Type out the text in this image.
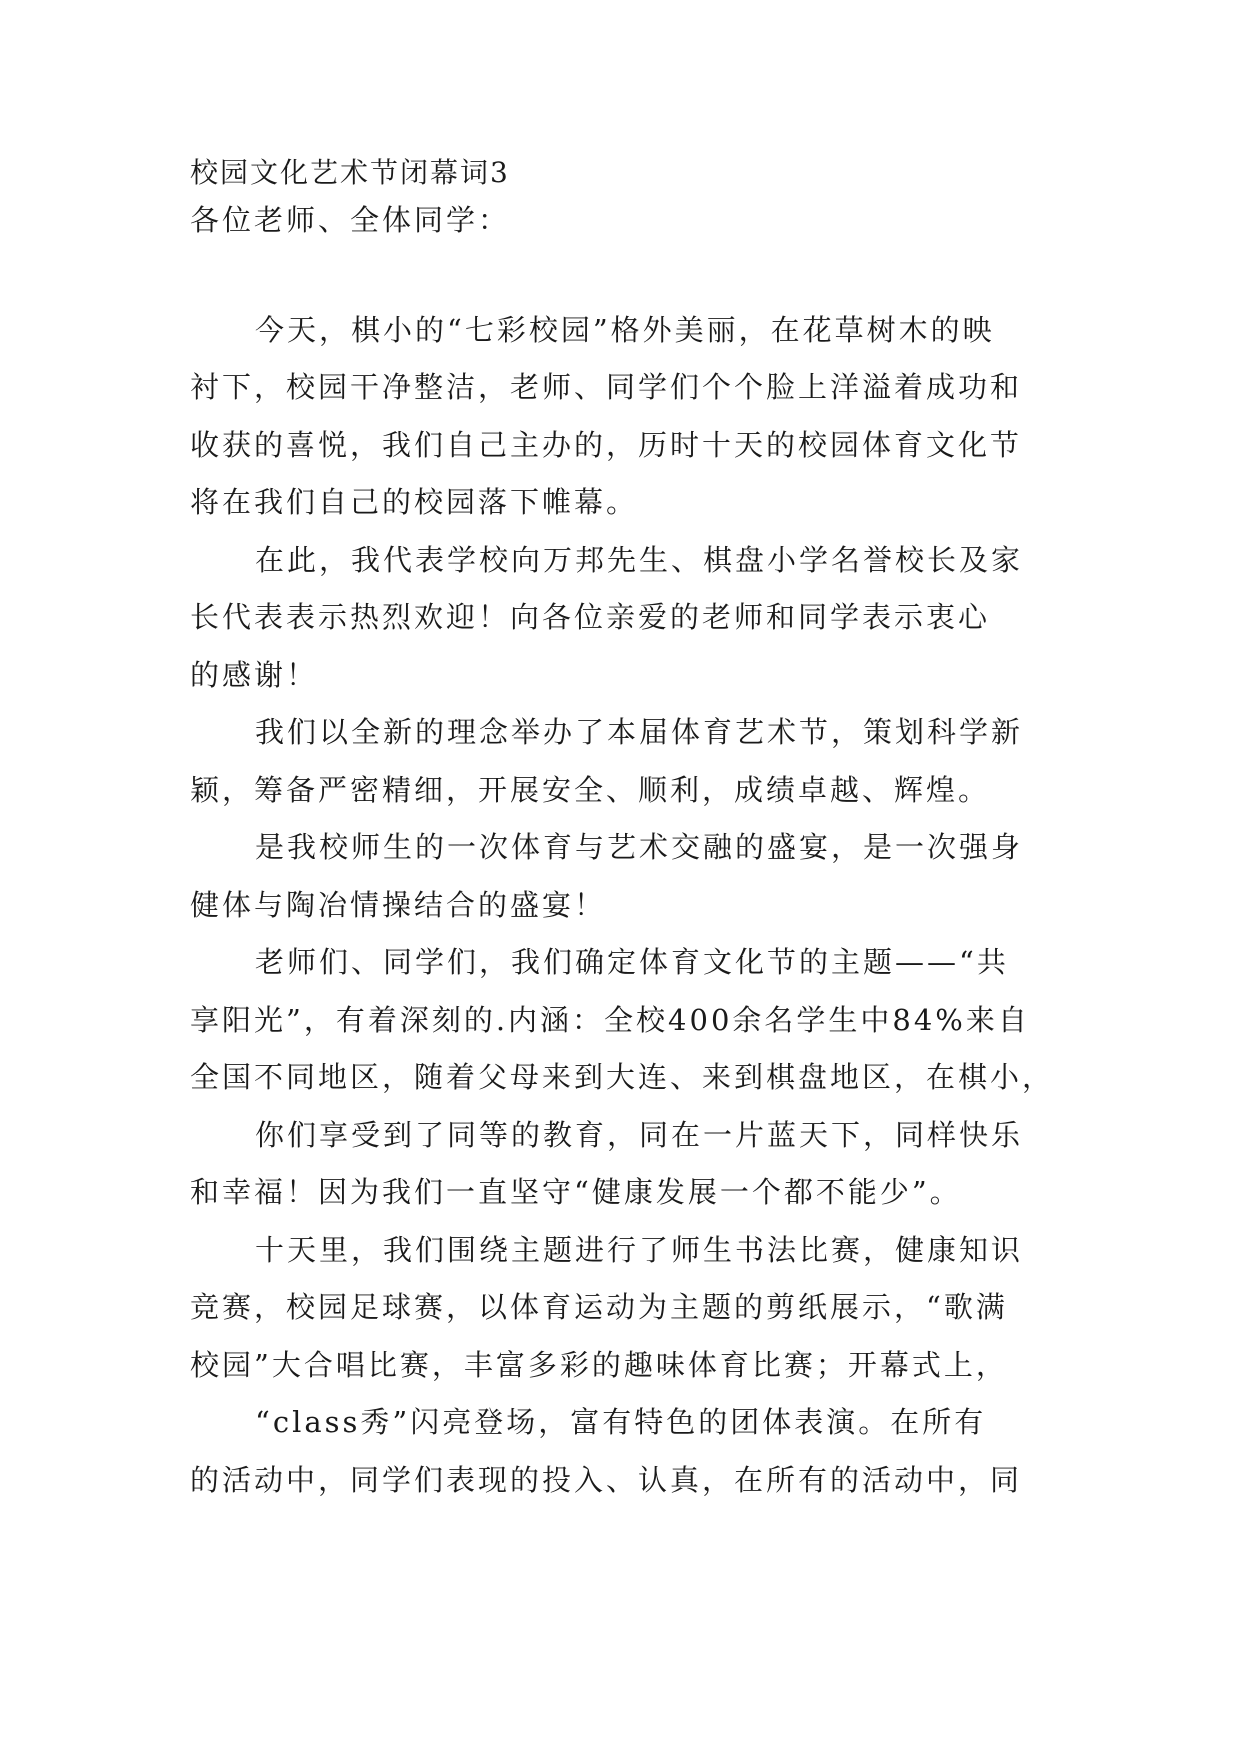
校园文化艺术节闭幕词3

各位老师、全体同学：

今天，棋小的“七彩校园”格外美丽，在花草树木的映

衬下，校园干净整洁，老师、同学们个个脸上洋溢着成功和

收获的喜悦，我们自己主办的，历时十天的校园体育文化节

将在我们自己的校园落下帷幕。

在此，我代表学校向万邦先生、棋盘小学名誉校长及家

长代表表示热烈欢迎！向各位亲爱的老师和同学表示衷心

的感谢！

我们以全新的理念举办了本届体育艺术节，策划科学新

颖，筹备严密精细，开展安全、顺利，成绩卓越、辉煌。

是我校师生的一次体育与艺术交融的盛宴，是一次强身

健体与陶冶情操结合的盛宴！

老师们、同学们，我们确定体育文化节的主题——“共

享阳光”，有着深刻的.内涵：全校400余名学生中84%来自

全国不同地区，随着父母来到大连、来到棋盘地区，在棋小，

你们享受到了同等的教育，同在一片蓝天下，同样快乐

和幸福！因为我们一直坚守“健康发展一个都不能少”。

十天里，我们围绕主题进行了师生书法比赛，健康知识

竞赛，校园足球赛，以体育运动为主题的剪纸展示，“歌满

校园”大合唱比赛，丰富多彩的趣味体育比赛；开幕式上，

“class秀”闪亮登场，富有特色的团体表演。在所有

的活动中，同学们表现的投入、认真，在所有的活动中，同
